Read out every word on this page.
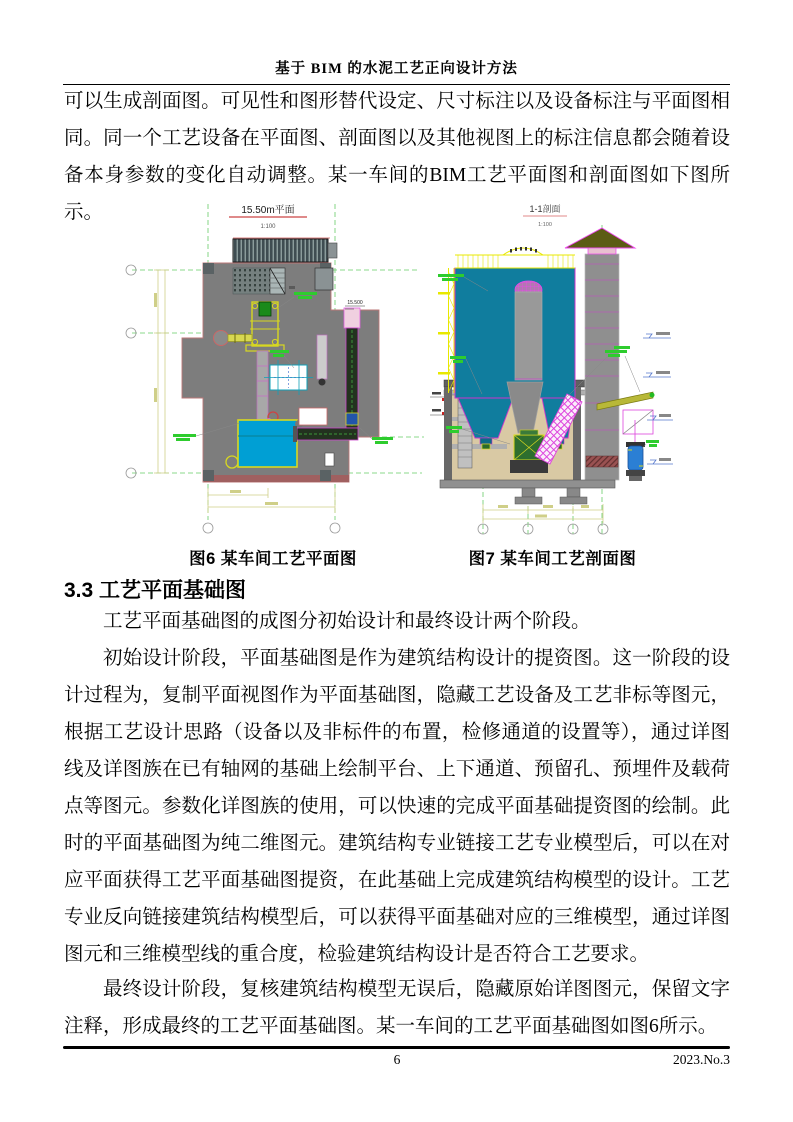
基于 BIM 的水泥工艺正向设计方法

可以生成剖面图。可见性和图形替代设定、尺寸标注以及设备标注与平面图相同。同一个工艺设备在平面图、剖面图以及其他视图上的标注信息都会随着设备本身参数的变化自动调整。某一车间的BIM工艺平面图和剖面图如下图所示。	15.50m平面
1:100
15.500
1-1剖面
1:100
图6 某车间工艺平面图	图7 某车间工艺剖面图
3.3 工艺平面基础图

工艺平面基础图的成图分初始设计和最终设计两个阶段。

初始设计阶段，平面基础图是作为建筑结构设计的提资图。这一阶段的设计过程为，复制平面视图作为平面基础图，隐藏工艺设备及工艺非标等图元，根据工艺设计思路（设备以及非标件的布置，检修通道的设置等），通过详图线及详图族在已有轴网的基础上绘制平台、上下通道、预留孔、预埋件及载荷点等图元。参数化详图族的使用，可以快速的完成平面基础提资图的绘制。此时的平面基础图为纯二维图元。建筑结构专业链接工艺专业模型后，可以在对应平面获得工艺平面基础图提资，在此基础上完成建筑结构模型的设计。工艺专业反向链接建筑结构模型后，可以获得平面基础对应的三维模型，通过详图图元和三维模型线的重合度，检验建筑结构设计是否符合工艺要求。

最终设计阶段，复核建筑结构模型无误后，隐藏原始详图图元，保留文字注释，形成最终的工艺平面基础图。某一车间的工艺平面基础图如图6所示。

6	2023.No.3
